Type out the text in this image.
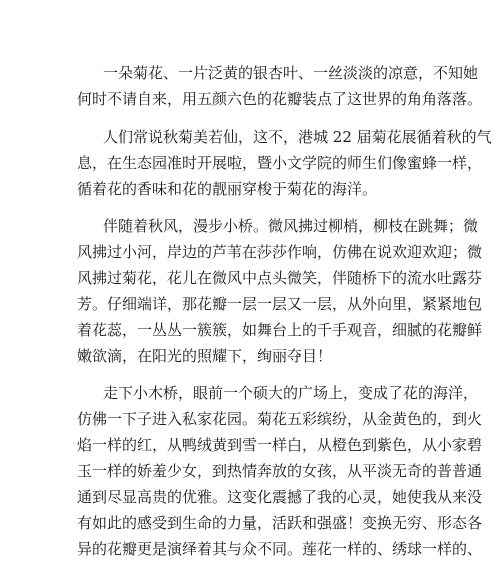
一朵菊花、一片泛黄的银杏叶、一丝淡淡的凉意，不知她
何时不请自来，用五颜六色的花瓣装点了这世界的角角落落。
人们常说秋菊美若仙，这不，港城 22 届菊花展循着秋的气
息，在生态园准时开展啦，暨小文学院的师生们像蜜蜂一样，
循着花的香味和花的靓丽穿梭于菊花的海洋。
伴随着秋风，漫步小桥。微风拂过柳梢，柳枝在跳舞；微
风拂过小河，岸边的芦苇在莎莎作响，仿佛在说欢迎欢迎；微
风拂过菊花，花儿在微风中点头微笑，伴随桥下的流水吐露芬
芳。仔细端详，那花瓣一层一层又一层，从外向里，紧紧地包
着花蕊，一丛丛一簇簇，如舞台上的千手观音，细腻的花瓣鲜
嫩欲滴，在阳光的照耀下，绚丽夺目！
走下小木桥，眼前一个硕大的广场上，变成了花的海洋，
仿佛一下子进入私家花园。菊花五彩缤纷，从金黄色的，到火
焰一样的红，从鸭绒黄到雪一样白，从橙色到紫色，从小家碧
玉一样的娇羞少女，到热情奔放的女孩，从平淡无奇的普普通
通到尽显高贵的优雅。这变化震撼了我的心灵，她使我从来没
有如此的感受到生命的力量，活跃和强盛！变换无穷、形态各
异的花瓣更是演绎着其与众不同。莲花一样的、绣球一样的、
